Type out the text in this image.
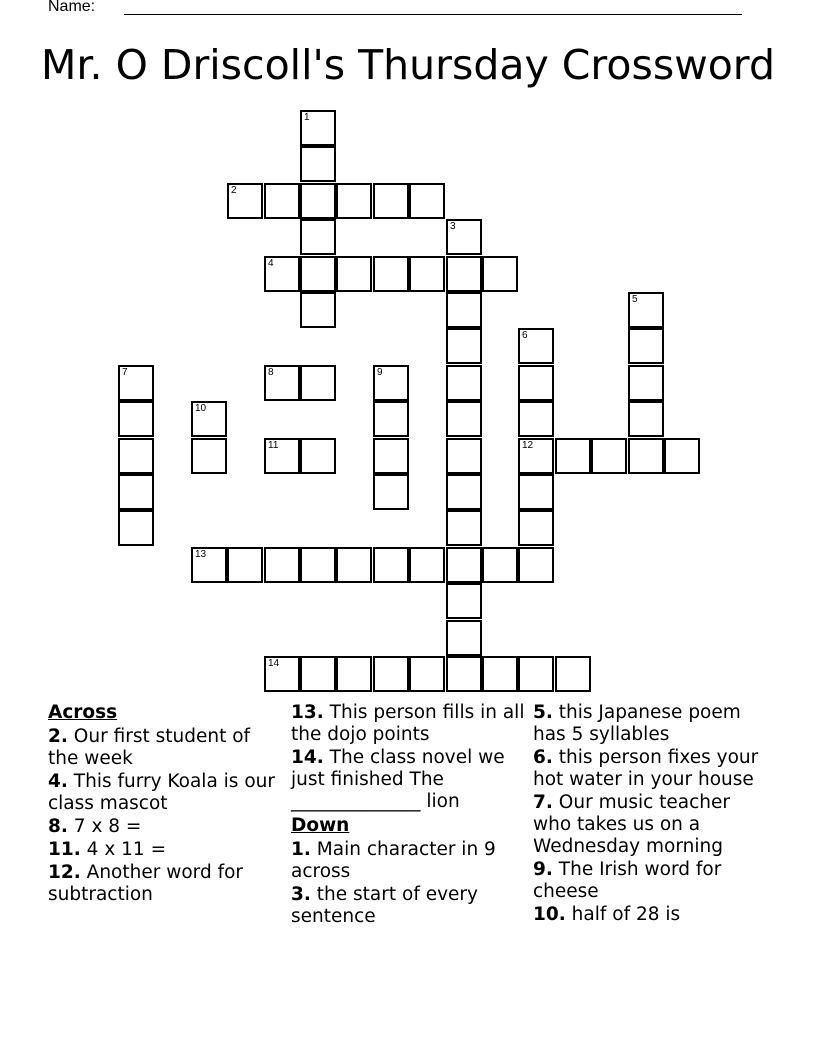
Name:
Mr. O Driscoll's Thursday Crossword
2
4
8
11	12
13
14
1
3
5
6
7	9
10
Across
2. Our first student of the week
4. This furry Koala is our class mascot
8. 7 x 8 =
11. 4 x 11 =
12. Another word for subtraction
13. This person fills in all the dojo points
14. The class novel we just finished The ______________ lion
Down
1. Main character in 9 across
3. the start of every sentence
5. this Japanese poem has 5 syllables
6. this person fixes your hot water in your house
7. Our music teacher who takes us on a Wednesday morning
9. The Irish word for cheese
10. half of 28 is
